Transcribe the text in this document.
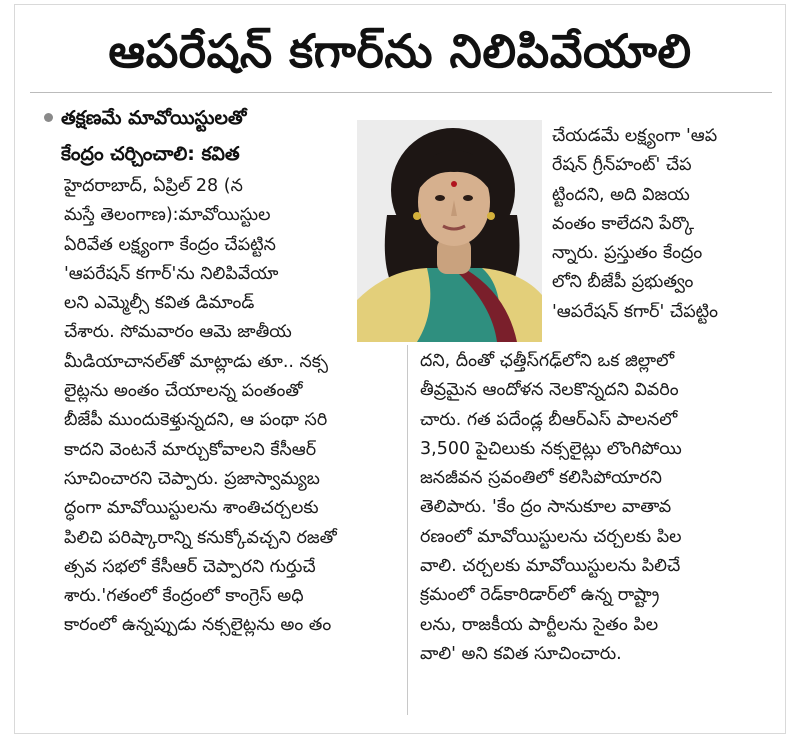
ఆపరేషన్ కగార్‌ను నిలిపివేయాలి
తక్షణమే మావోయిస్టులతో
కేంద్రం చర్చించాలి: కవిత
హైదరాబాద్, ఏప్రిల్ 28 (న
మస్తే తెలంగాణ):మావోయిస్టుల
ఏరివేత లక్ష్యంగా కేంద్రం చేపట్టిన
'ఆపరేషన్ కగార్'ను నిలిపివేయా
లని ఎమ్మెల్సీ కవిత డిమాండ్
చేశారు. సోమవారం ఆమె జాతీయ
మీడియాచానల్‌తో మాట్లాడు తూ.. నక్స
లైట్లను అంతం చేయాలన్న పంతంతో
బీజేపీ ముందుకెళ్తున్నదని, ఆ పంథా సరి
కాదని వెంటనే మార్చుకోవాలని కేసీఆర్
సూచించారని చెప్పారు. ప్రజాస్వామ్యబ
ద్ధంగా మావోయిస్టులను శాంతిచర్చలకు
పిలిచి పరిష్కారాన్ని కనుక్కోవచ్చని రజతో
త్సవ సభలో కేసీఆర్ చెప్పారని గుర్తుచే
శారు.'గతంలో కేంద్రంలో కాంగ్రెస్ అధి
కారంలో ఉన్నప్పుడు నక్సలైట్లను అం తం
చేయడమే లక్ష్యంగా 'ఆప
రేషన్ గ్రీన్‌హంట్' చేప
ట్టిందని, అది విజయ
వంతం కాలేదని పేర్కొ
న్నారు. ప్రస్తుతం కేంద్రం
లోని బీజేపీ ప్రభుత్వం
'ఆపరేషన్ కగార్' చేపట్టిం
దని, దీంతో ఛత్తీస్‌గఢ్‌లోని ఒక జిల్లాలో
తీవ్రమైన ఆందోళన నెలకొన్నదని వివరిం
చారు. గత పదేండ్ల బీఆర్‌ఎస్ పాలనలో
3,500 పైచిలుకు నక్సలైట్లు లొంగిపోయి
జనజీవన స్రవంతిలో కలిసిపోయారని
తెలిపారు. 'కేం ద్రం సానుకూల వాతావ
రణంలో మావోయిస్టులను చర్చలకు పిల
వాలి. చర్చలకు మావోయిస్టులను పిలిచే
క్రమంలో రెడ్‌కారిడార్‌లో ఉన్న రాష్ట్రా
లను, రాజకీయ పార్టీలను సైతం పిల
వాలి' అని కవిత సూచించారు.
